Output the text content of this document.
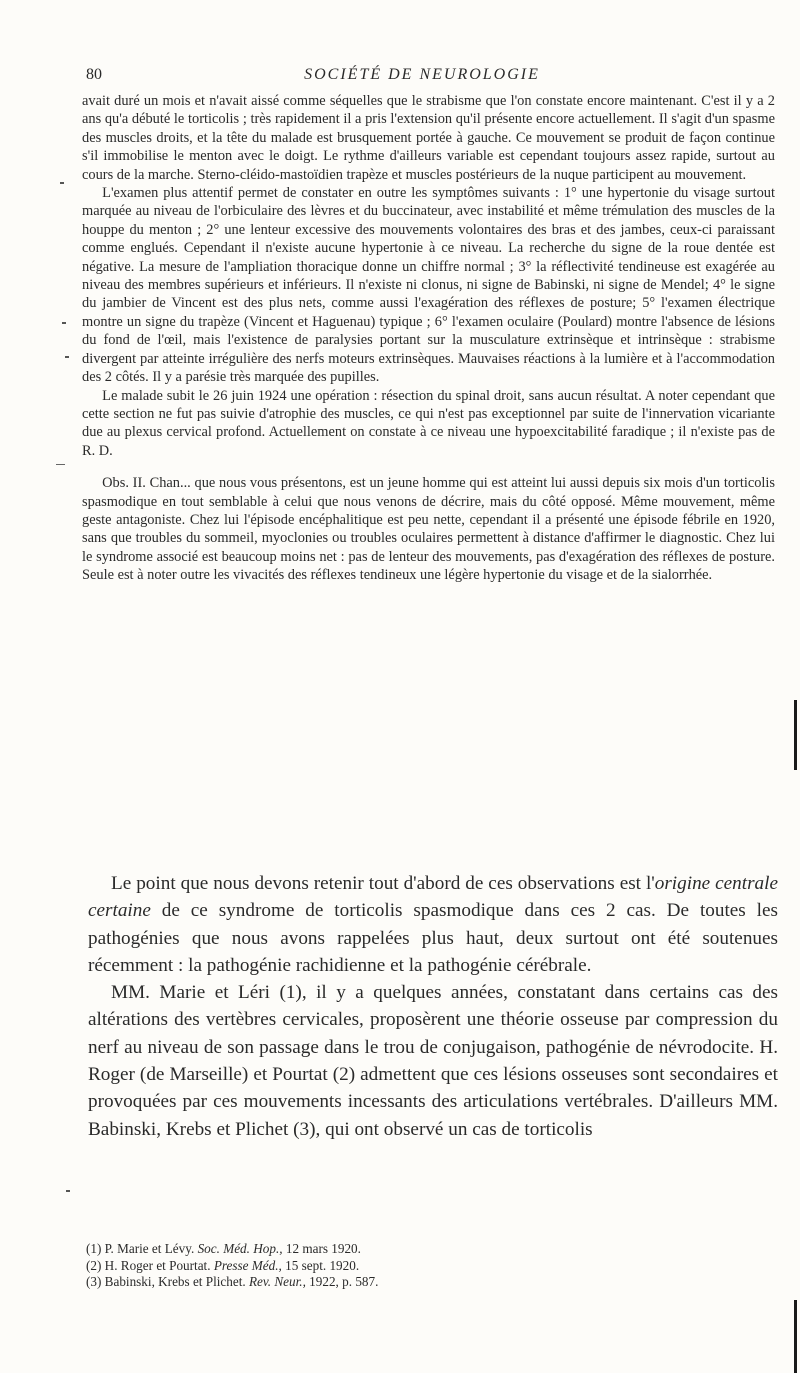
80	SOCIÉTÉ DE NEUROLOGIE

avait duré un mois et n'avait aissé comme séquelles que le strabisme que l'on constate encore maintenant. C'est il y a 2 ans qu'a débuté le torticolis ; très rapidement il a pris l'extension qu'il présente encore actuellement. Il s'agit d'un spasme des muscles droits, et la tête du malade est brusquement portée à gauche. Ce mouvement se produit de façon continue s'il immobilise le menton avec le doigt. Le rythme d'ailleurs variable est cependant toujours assez rapide, surtout au cours de la marche. Sterno-cléido-mastoïdien trapèze et muscles postérieurs de la nuque participent au mouvement.

L'examen plus attentif permet de constater en outre les symptômes suivants : 1° une hypertonie du visage surtout marquée au niveau de l'orbiculaire des lèvres et du buccinateur, avec instabilité et même trémulation des muscles de la houppe du menton ; 2° une lenteur excessive des mouvements volontaires des bras et des jambes, ceux-ci paraissant comme englués. Cependant il n'existe aucune hypertonie à ce niveau. La recherche du signe de la roue dentée est négative. La mesure de l'ampliation thoracique donne un chiffre normal ; 3° la réflectivité tendineuse est exagérée au niveau des membres supérieurs et inférieurs. Il n'existe ni clonus, ni signe de Babinski, ni signe de Mendel; 4° le signe du jambier de Vincent est des plus nets, comme aussi l'exagération des réflexes de posture; 5° l'examen électrique montre un signe du trapèze (Vincent et Haguenau) typique ; 6° l'examen oculaire (Poulard) montre l'absence de lésions du fond de l'œil, mais l'existence de paralysies portant sur la musculature extrinsèque et intrinsèque : strabisme divergent par atteinte irrégulière des nerfs moteurs extrinsèques. Mauvaises réactions à la lumière et à l'accommodation des 2 côtés. Il y a parésie très marquée des pupilles.

Le malade subit le 26 juin 1924 une opération : résection du spinal droit, sans aucun résultat. A noter cependant que cette section ne fut pas suivie d'atrophie des muscles, ce qui n'est pas exceptionnel par suite de l'innervation vicariante due au plexus cervical profond. Actuellement on constate à ce niveau une hypoexcitabilité faradique ; il n'existe pas de R. D.

Obs. II. Chan... que nous vous présentons, est un jeune homme qui est atteint lui aussi depuis six mois d'un torticolis spasmodique en tout semblable à celui que nous venons de décrire, mais du côté opposé. Même mouvement, même geste antagoniste. Chez lui l'épisode encéphalitique est peu nette, cependant il a présenté une épisode fébrile en 1920, sans que troubles du sommeil, myoclonies ou troubles oculaires permettent à distance d'affirmer le diagnostic. Chez lui le syndrome associé est beaucoup moins net : pas de lenteur des mouvements, pas d'exagération des réflexes de posture. Seule est à noter outre les vivacités des réflexes tendineux une légère hypertonie du visage et de la sialorrhée.

Le point que nous devons retenir tout d'abord de ces observations est l'origine centrale certaine de ce syndrome de torticolis spasmodique dans ces 2 cas. De toutes les pathogénies que nous avons rappelées plus haut, deux surtout ont été soutenues récemment : la pathogénie rachidienne et la pathogénie cérébrale.

MM. Marie et Léri (1), il y a quelques années, constatant dans certains cas des altérations des vertèbres cervicales, proposèrent une théorie osseuse par compression du nerf au niveau de son passage dans le trou de conjugaison, pathogénie de névrodocite. H. Roger (de Marseille) et Pourtat (2) admettent que ces lésions osseuses sont secondaires et provoquées par ces mouvements incessants des articulations vertébrales. D'ailleurs MM. Babinski, Krebs et Plichet (3), qui ont observé un cas de torticolis

(1) P. Marie et Lévy. Soc. Méd. Hop., 12 mars 1920.

(2) H. Roger et Pourtat. Presse Méd., 15 sept. 1920.

(3) Babinski, Krebs et Plichet. Rev. Neur., 1922, p. 587.
